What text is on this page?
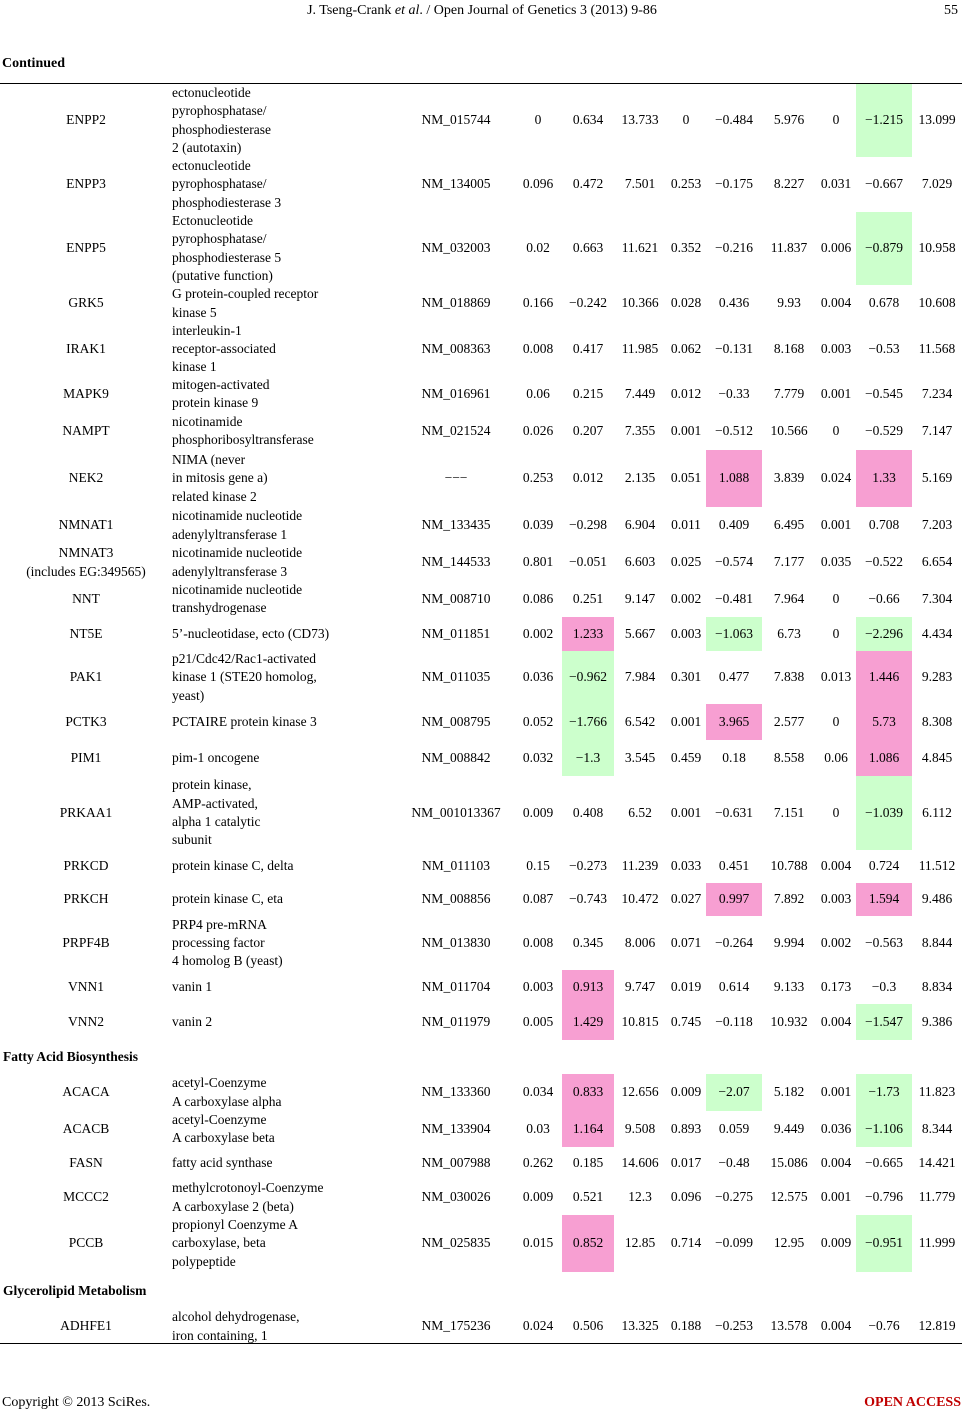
J. Tseng-Crank et al. / Open Journal of Genetics 3 (2013) 9-86	55
Continued
ENPP2
ectonucleotide
pyrophosphatase/
phosphodiesterase
2 (autotaxin)
NM_015744	0	0.634	13.733	0	−0.484	5.976	0	−1.215	13.099
ENPP3
ectonucleotide
pyrophosphatase/
phosphodiesterase 3
NM_134005	0.096	0.472	7.501	0.253	−0.175	8.227	0.031	−0.667	7.029
ENPP5
Ectonucleotide
pyrophosphatase/
phosphodiesterase 5
(putative function)
NM_032003	0.02	0.663	11.621 0.352	−0.216	11.837	0.006	−0.879	10.958
GRK5
G protein-coupled receptor
kinase 5
NM_018869	0.166	−0.242	10.366 0.028	0.436	9.93	0.004	0.678	10.608
IRAK1
interleukin-1
receptor-associated
kinase 1
NM_008363	0.008	0.417	11.985 0.062	−0.131	8.168	0.003	−0.53	11.568
MAPK9
mitogen-activated
protein kinase 9
NM_016961	0.06	0.215	7.449	0.012	−0.33	7.779	0.001	−0.545	7.234
NAMPT
nicotinamide
phosphoribosyltransferase
NM_021524	0.026	0.207	7.355	0.001	−0.512	10.566	0	−0.529	7.147
NEK2
NIMA (never
in mitosis gene a)
related kinase 2
−−−	0.253	0.012	2.135	0.051	1.088	3.839	0.024	1.33	5.169
NMNAT1
nicotinamide nucleotide
adenylyltransferase 1
NM_133435	0.039	−0.298	6.904	0.011	0.409	6.495	0.001	0.708	7.203
NMNAT3
(includes EG:349565)
nicotinamide nucleotide
adenylyltransferase 3
NM_144533	0.801	−0.051	6.603	0.025	−0.574	7.177	0.035	−0.522	6.654
NNT
nicotinamide nucleotide
transhydrogenase
NM_008710	0.086	0.251	9.147	0.002	−0.481	7.964	0	−0.66	7.304
NT5E	5’-nucleotidase, ecto (CD73)	NM_011851	0.002	1.233	5.667	0.003	−1.063	6.73	0	−2.296	4.434
PAK1
p21/Cdc42/Rac1-activated
kinase 1 (STE20 homolog,
yeast)
NM_011035	0.036	−0.962	7.984	0.301	0.477	7.838	0.013	1.446	9.283
PCTK3	PCTAIRE protein kinase 3	NM_008795	0.052	−1.766	6.542	0.001	3.965	2.577	0	5.73	8.308
PIM1	pim-1 oncogene	NM_008842	0.032	−1.3	3.545	0.459	0.18	8.558	0.06	1.086	4.845
PRKAA1
protein kinase,
AMP-activated,
alpha 1 catalytic
subunit
NM_001013367	0.009	0.408	6.52	0.001	−0.631	7.151	0	−1.039	6.112
PRKCD	protein kinase C, delta	NM_011103	0.15	−0.273	11.239 0.033	0.451	10.788 0.004	0.724	11.512
PRKCH	protein kinase C, eta	NM_008856	0.087	−0.743	10.472 0.027	0.997	7.892	0.003	1.594	9.486
PRPF4B
PRP4 pre-mRNA
processing factor
4 homolog B (yeast)
NM_013830	0.008	0.345	8.006	0.071	−0.264	9.994	0.002	−0.563	8.844
VNN1	vanin 1	NM_011704	0.003	0.913	9.747	0.019	0.614	9.133	0.173	−0.3	8.834
VNN2	vanin 2	NM_011979	0.005	1.429	10.815 0.745	−0.118	10.932 0.004	−1.547	9.386
Fatty Acid Biosynthesis
ACACA
acetyl-Coenzyme
A carboxylase alpha
NM_133360	0.034	0.833	12.656 0.009	−2.07	5.182	0.001	−1.73	11.823
ACACB
acetyl-Coenzyme
A carboxylase beta
NM_133904	0.03	1.164	9.508	0.893	0.059	9.449	0.036	−1.106	8.344
FASN	fatty acid synthase	NM_007988	0.262	0.185	14.606 0.017	−0.48	15.086 0.004	−0.665	14.421
MCCC2
methylcrotonoyl-Coenzyme
A carboxylase 2 (beta)
NM_030026	0.009	0.521	12.3	0.096	−0.275	12.575 0.001	−0.796	11.779
PCCB
propionyl Coenzyme A
carboxylase, beta
polypeptide
NM_025835	0.015	0.852	12.85	0.714	−0.099	12.95	0.009	−0.951	11.999
Glycerolipid Metabolism
ADHFE1
alcohol dehydrogenase,
iron containing, 1
NM_175236	0.024	0.506	13.325 0.188	−0.253	13.578 0.004	−0.76	12.819
Copyright © 2013 SciRes.	OPEN ACCESS
